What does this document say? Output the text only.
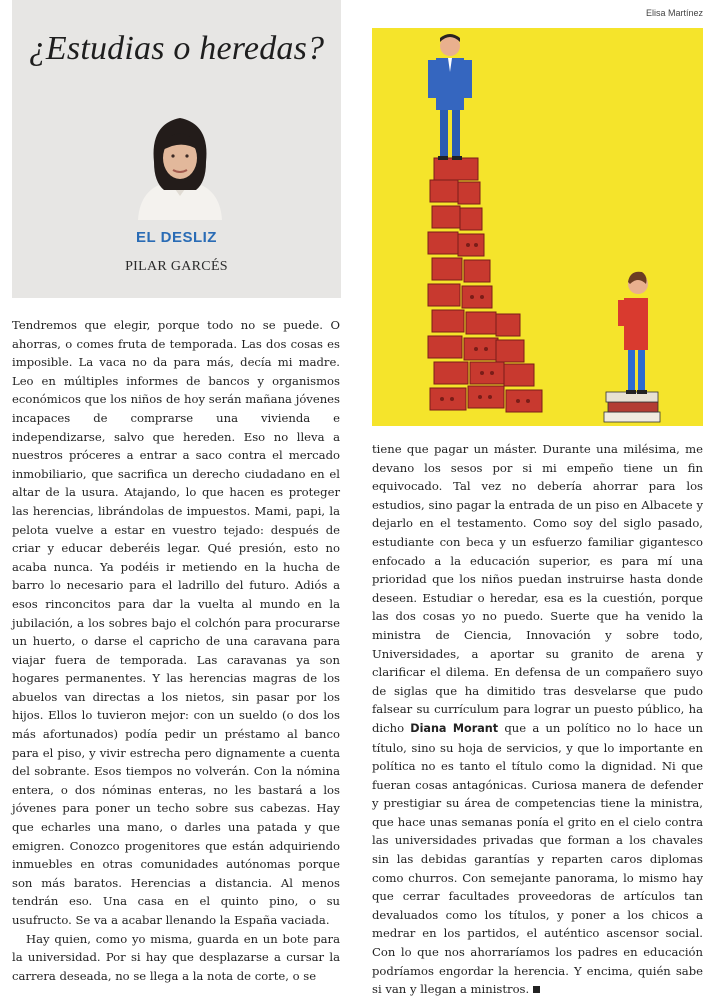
¿Estudias o heredas?
EL DESLIZ
PILAR GARCÉS
Elisa Martínez

Tendremos que elegir, porque todo no se puede. O ahorras, o comes fruta de temporada. Las dos cosas es imposible. La vaca no da para más, decía mi madre. Leo en múltiples informes de bancos y organismos económicos que los niños de hoy serán mañana jóvenes incapaces de comprarse una vivienda e independizarse, salvo que hereden. Eso no lleva a nuestros próceres a entrar a saco contra el mercado inmobiliario, que sacrifica un derecho ciudadano en el altar de la usura. Atajando, lo que hacen es proteger las herencias, librándolas de impuestos. Mami, papi, la pelota vuelve a estar en vuestro tejado: después de criar y educar deberéis legar. Qué presión, esto no acaba nunca. Ya podéis ir metiendo en la hucha de barro lo necesario para el ladrillo del futuro. Adiós a esos rinconcitos para dar la vuelta al mundo en la jubilación, a los sobres bajo el colchón para procurarse un huerto, o darse el capricho de una caravana para viajar fuera de temporada. Las caravanas ya son hogares permanentes. Y las herencias magras de los abuelos van directas a los nietos, sin pasar por los hijos. Ellos lo tuvieron mejor: con un sueldo (o dos los más afortunados) podía pedir un préstamo al banco para el piso, y vivir estrecha pero dignamente a cuenta del sobrante. Esos tiempos no volverán. Con la nómina entera, o dos nóminas enteras, no les bastará a los jóvenes para poner un techo sobre sus cabezas. Hay que echarles una mano, o darles una patada y que emigren. Conozco progenitores que están adquiriendo inmuebles en otras comunidades autónomas porque son más baratos. Herencias a distancia. Al menos tendrán eso. Una casa en el quinto pino, o su usufructo. Se va a acabar llenando la España vaciada.

Hay quien, como yo misma, guarda en un bote para la universidad. Por si hay que desplazarse a cursar la carrera deseada, no se llega a la nota de corte, o se

tiene que pagar un máster. Durante una milésima, me devano los sesos por si mi empeño tiene un fin equivocado. Tal vez no debería ahorrar para los estudios, sino pagar la entrada de un piso en Albacete y dejarlo en el testamento. Como soy del siglo pasado, estudiante con beca y un esfuerzo familiar gigantesco enfocado a la educación superior, es para mí una prioridad que los niños puedan instruirse hasta donde deseen. Estudiar o heredar, esa es la cuestión, porque las dos cosas yo no puedo. Suerte que ha venido la ministra de Ciencia, Innovación y sobre todo, Universidades, a aportar su granito de arena y clarificar el dilema. En defensa de un compañero suyo de siglas que ha dimitido tras desvelarse que pudo falsear su currículum para lograr un puesto público, ha dicho Diana Morant que a un político no lo hace un título, sino su hoja de servicios, y que lo importante en política no es tanto el título como la dignidad. Ni que fueran cosas antagónicas. Curiosa manera de defender y prestigiar su área de competencias tiene la ministra, que hace unas semanas ponía el grito en el cielo contra las universidades privadas que forman a los chavales sin las debidas garantías y reparten caros diplomas como churros. Con semejante panorama, lo mismo hay que cerrar facultades proveedoras de artículos tan devaluados como los títulos, y poner a los chicos a medrar en los partidos, el auténtico ascensor social. Con lo que nos ahorraríamos los padres en educación podríamos engordar la herencia. Y encima, quién sabe si van y llegan a ministros.
